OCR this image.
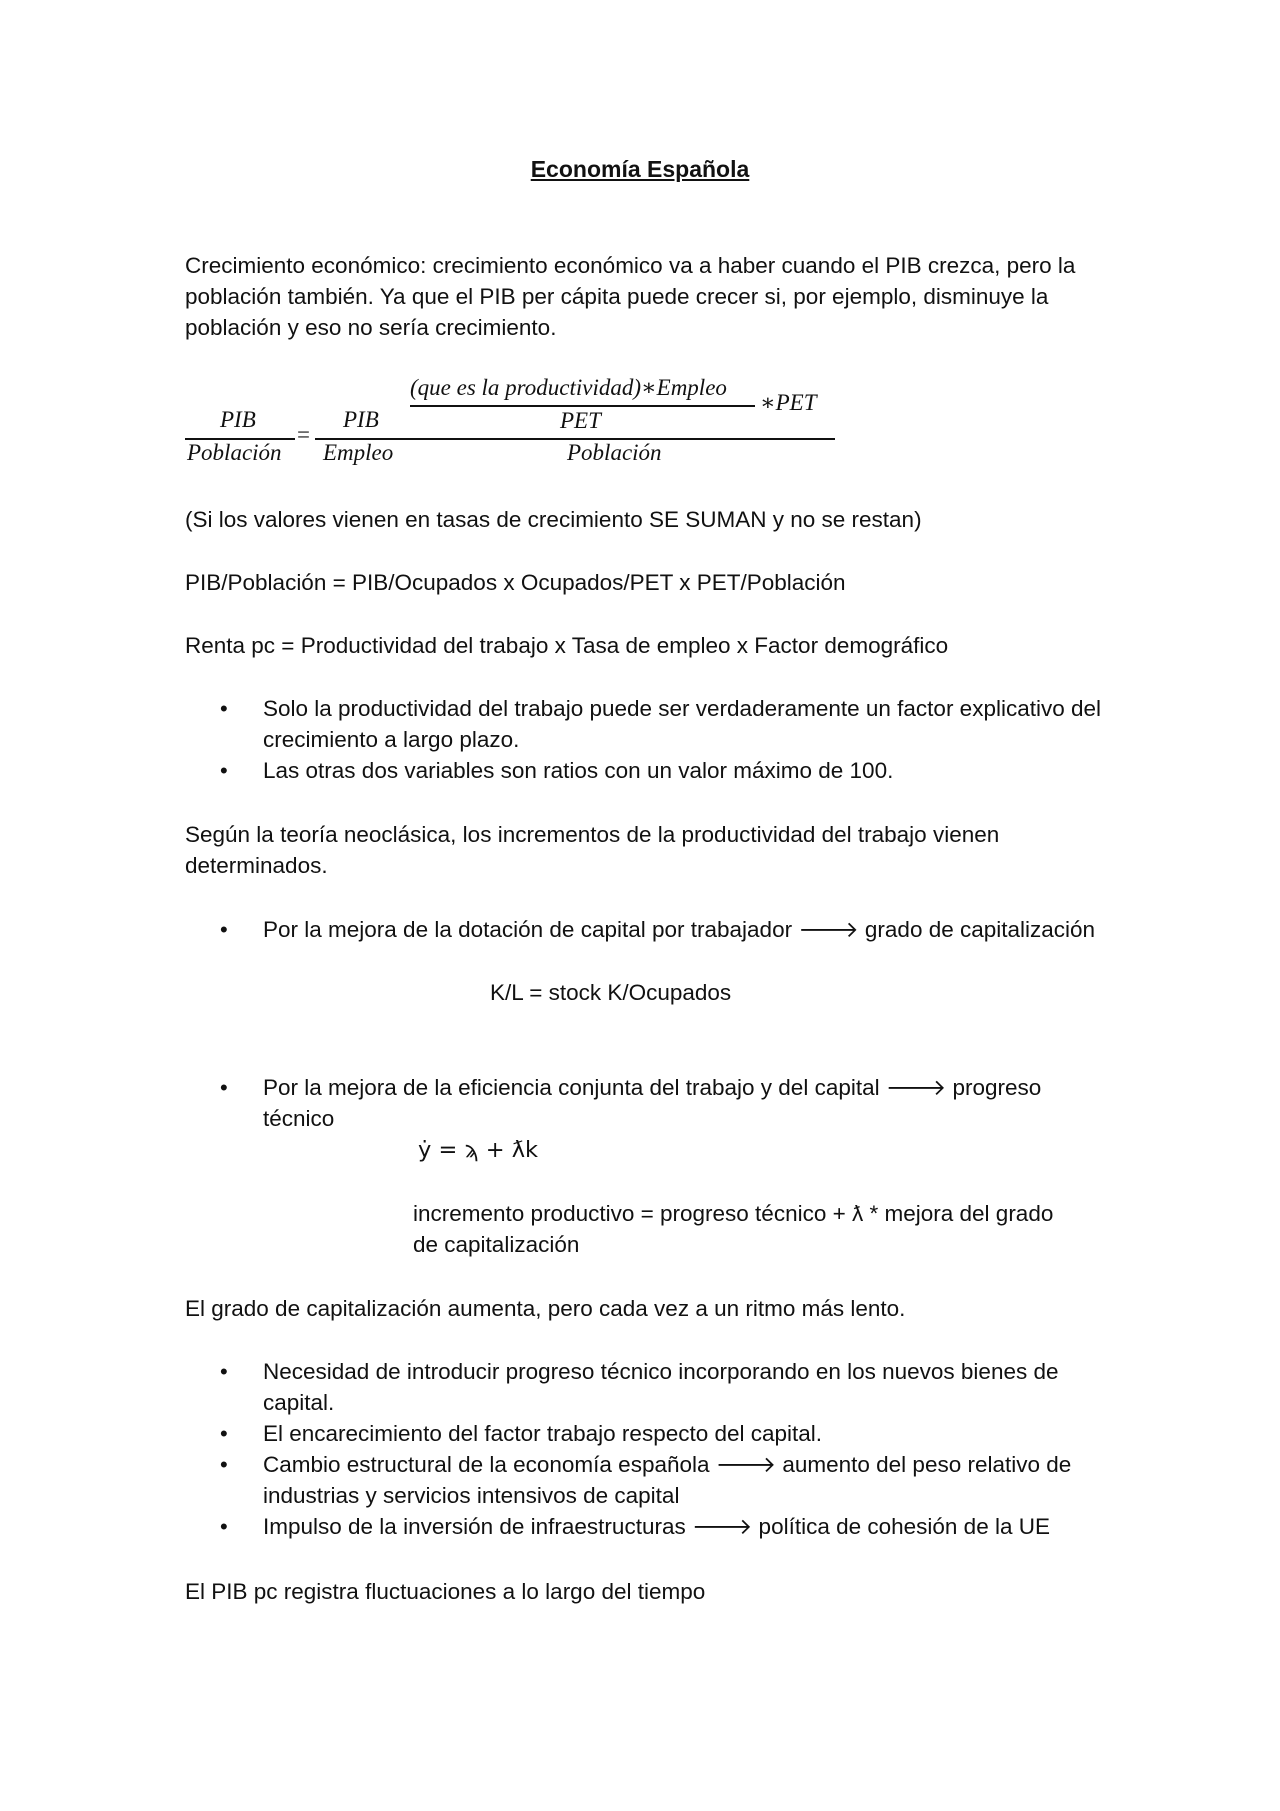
Economía Española
Crecimiento económico: crecimiento económico va a haber cuando el PIB crezca, pero la población también. Ya que el PIB per cápita puede crecer si, por ejemplo, disminuye la población y eso no sería crecimiento.
PIB
Población
=
PIB
Empleo
(que es la productividad)∗Empleo
PET
∗PET
Población
(Si los valores vienen en tasas de crecimiento SE SUMAN y no se restan)
PIB/Población = PIB/Ocupados x Ocupados/PET x PET/Población
Renta pc = Productividad del trabajo x Tasa de empleo x Factor demográfico
• Solo la productividad del trabajo puede ser verdaderamente un factor explicativo del crecimiento a largo plazo.
• Las otras dos variables son ratios con un valor máximo de 100.
Según la teoría neoclásica, los incrementos de la productividad del trabajo vienen determinados.
• Por la mejora de la dotación de capital por trabajador 🡒 grado de capitalización
K/L = stock K/Ocupados
• Por la mejora de la eficiencia conjunta del trabajo y del capital 🡒 progreso técnico
ẏ = ϡ + ƛk
incremento productivo = progreso técnico + ƛ * mejora del grado de capitalización
El grado de capitalización aumenta, pero cada vez a un ritmo más lento.
• Necesidad de introducir progreso técnico incorporando en los nuevos bienes de capital.
• El encarecimiento del factor trabajo respecto del capital.
• Cambio estructural de la economía española 🡒 aumento del peso relativo de industrias y servicios intensivos de capital
• Impulso de la inversión de infraestructuras 🡒 política de cohesión de la UE
El PIB pc registra fluctuaciones a lo largo del tiempo
